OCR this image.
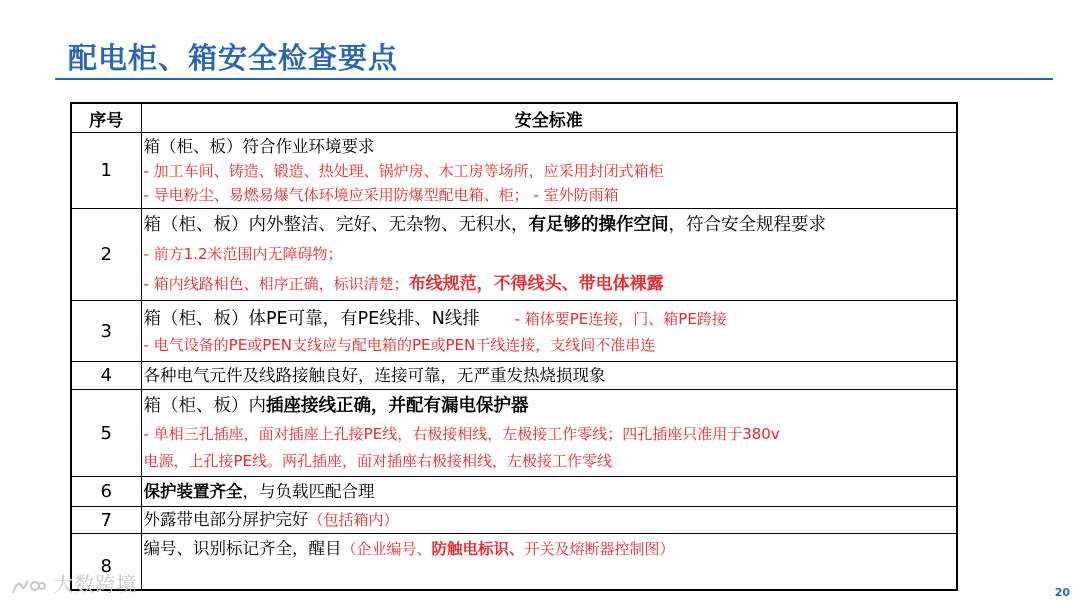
配电柜、箱安全检查要点
序号	安全标准
1	箱（柜、板）符合作业环境要求
- 加工车间、铸造、锻造、热处理、锅炉房、木工房等场所，应采用封闭式箱柜
- 导电粉尘、易燃易爆气体环境应采用防爆型配电箱、柜； - 室外防雨箱

2	箱（柜、板）内外整洁、完好、无杂物、无积水，有足够的操作空间，符合安全规程要求
- 前方1.2米范围内无障碍物；
- 箱内线路相色、相序正确，标识清楚；布线规范，不得线头、带电体裸露

3	箱（柜、板）体PE可靠，有PE线排、N线排 - 箱体要PE连接，门、箱PE跨接
- 电气设备的PE或PEN支线应与配电箱的PE或PEN干线连接，支线间不准串连

4	各种电气元件及线路接触良好，连接可靠，无严重发热烧损现象

5	箱（柜、板）内插座接线正确，并配有漏电保护器
- 单相三孔插座，面对插座上孔接PE线，右极接相线，左极接工作零线；四孔插座只准用于380v
电源，上孔接PE线。两孔插座，面对插座右极接相线，左极接工作零线

6	保护装置齐全，与负载匹配合理

7	外露带电部分屏护完好（包括箱内）

8	编号、识别标记齐全，醒目（企业编号、防触电标识、开关及熔断器控制图）
大数跨境	20
